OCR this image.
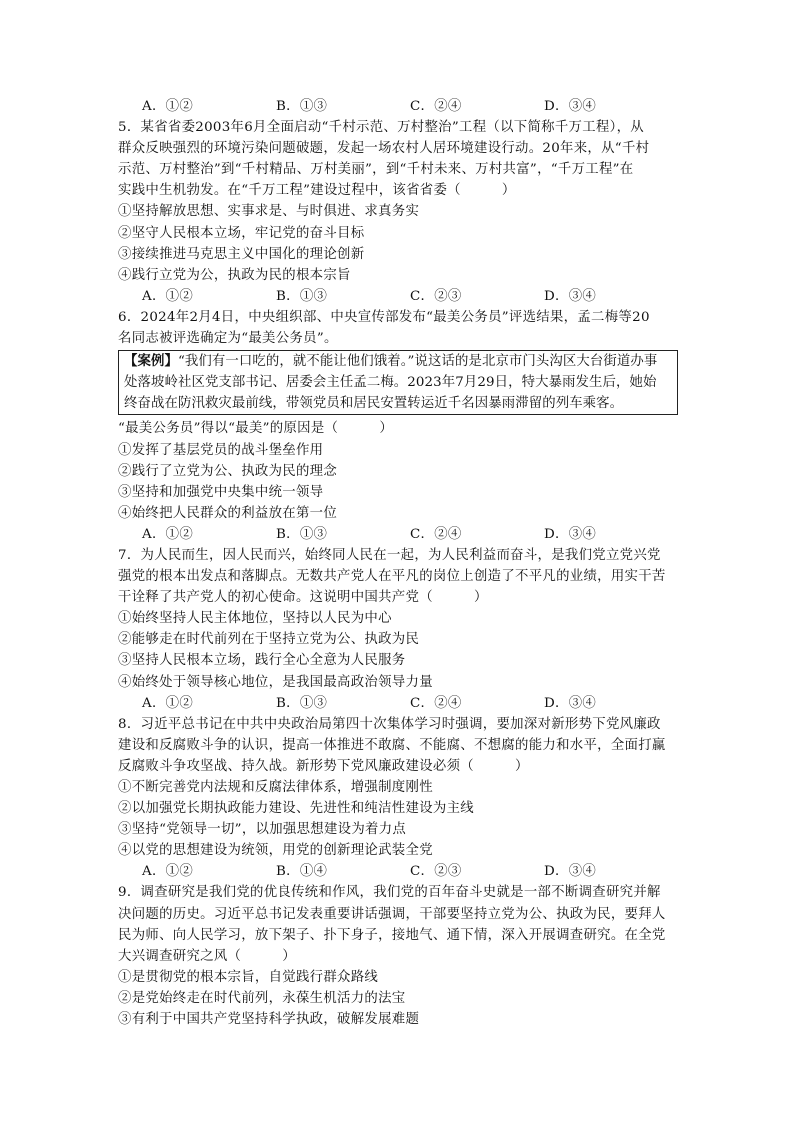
A．①②	B．①③	C．②④	D．③④
5．某省省委2003年6月全面启动“千村示范、万村整治”工程（以下简称千万工程），从
群众反映强烈的环境污染问题破题，发起一场农村人居环境建设行动。20年来，从“千村
示范、万村整治”到“千村精品、万村美丽”，到“千村未来、万村共富”，“千万工程”在
实践中生机勃发。在“千万工程”建设过程中，该省省委（　　　）
①坚持解放思想、实事求是、与时俱进、求真务实
②坚守人民根本立场，牢记党的奋斗目标
③接续推进马克思主义中国化的理论创新
④践行立党为公，执政为民的根本宗旨
A．①②	B．①③	C．②③	D．③④
6．2024年2月4日，中央组织部、中央宣传部发布“最美公务员”评选结果，孟二梅等20
名同志被评选确定为“最美公务员”。
【案例】“我们有一口吃的，就不能让他们饿着。”说这话的是北京市门头沟区大台街道办事
处落坡岭社区党支部书记、居委会主任孟二梅。2023年7月29日，特大暴雨发生后，她始
终奋战在防汛救灾最前线，带领党员和居民安置转运近千名因暴雨滞留的列车乘客。
“最美公务员”得以“最美”的原因是（　　　）
①发挥了基层党员的战斗堡垒作用
②践行了立党为公、执政为民的理念
③坚持和加强党中央集中统一领导
④始终把人民群众的利益放在第一位
A．①②	B．①③	C．②④	D．③④
7．为人民而生，因人民而兴，始终同人民在一起，为人民利益而奋斗，是我们党立党兴党
强党的根本出发点和落脚点。无数共产党人在平凡的岗位上创造了不平凡的业绩，用实干苦
干诠释了共产党人的初心使命。这说明中国共产党（　　　）
①始终坚持人民主体地位，坚持以人民为中心
②能够走在时代前列在于坚持立党为公、执政为民
③坚持人民根本立场，践行全心全意为人民服务
④始终处于领导核心地位，是我国最高政治领导力量
A．①②	B．①③	C．②④	D．③④
8．习近平总书记在中共中央政治局第四十次集体学习时强调，要加深对新形势下党风廉政
建设和反腐败斗争的认识，提高一体推进不敢腐、不能腐、不想腐的能力和水平，全面打赢
反腐败斗争攻坚战、持久战。新形势下党风廉政建设必须（　　　）
①不断完善党内法规和反腐法律体系，增强制度刚性
②以加强党长期执政能力建设、先进性和纯洁性建设为主线
③坚持“党领导一切”，以加强思想建设为着力点
④以党的思想建设为统领，用党的创新理论武装全党
A．①②	B．①④	C．②③	D．③④
9．调查研究是我们党的优良传统和作风，我们党的百年奋斗史就是一部不断调查研究并解
决问题的历史。习近平总书记发表重要讲话强调，干部要坚持立党为公、执政为民，要拜人
民为师、向人民学习，放下架子、扑下身子，接地气、通下情，深入开展调查研究。在全党
大兴调查研究之风（　　　）
①是贯彻党的根本宗旨，自觉践行群众路线
②是党始终走在时代前列，永葆生机活力的法宝
③有利于中国共产党坚持科学执政，破解发展难题
